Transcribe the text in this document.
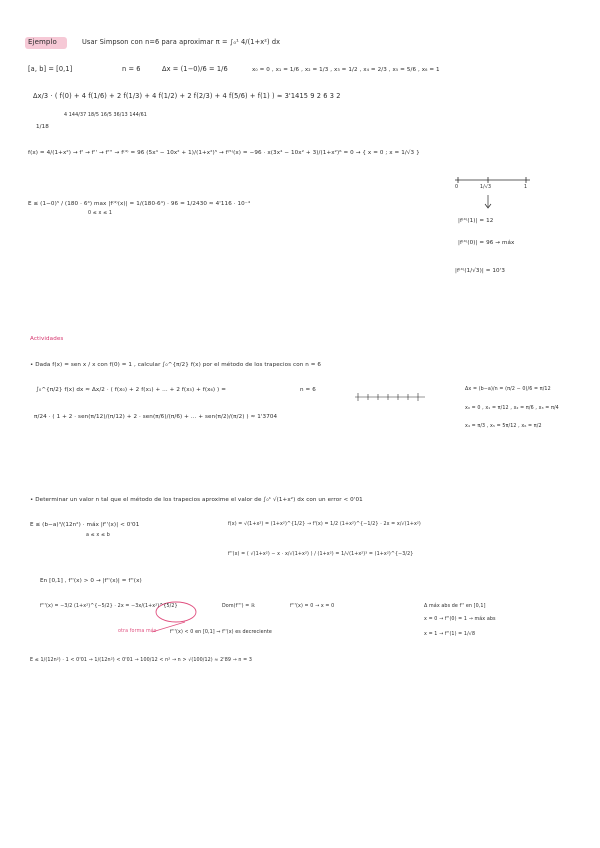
Ejemplo	Usar Simpson con n=6 para aproximar π = ∫₀¹ 4/(1+x²) dx
[a, b] = [0,1]	n = 6	Δx = (1−0)/6 = 1/6	x₀ = 0 , x₁ = 1/6 , x₂ = 1/3 , x₃ = 1/2 , x₄ = 2/3 , x₅ = 5/6 , x₆ = 1
Δx/3 · ( f(0) + 4 f(1/6) + 2 f(1/3) + 4 f(1/2) + 2 f(2/3) + 4 f(5/6) + f(1) ) ≈ 3'1415 9 2 6 3 2
4 144/37 18/5 16/5 36/13 144/61
1/18
f(x) = 4/(1+x²) → f' → f'' → f''' → f⁽⁴⁾ = 96 (5x⁴ − 10x² + 1)/(1+x²)⁵ → f⁽⁵⁾(x) = −96 · x(3x⁴ − 10x² + 3)/(1+x²)⁶ = 0 → { x = 0 ; x = 1/√3 }
0	1/√3	1
E ≤ (1−0)⁵ / (180 · 6⁴) max |f⁽⁴⁾(x)| = 1/(180·6⁴) · 96 = 1/2430 ≈ 4'116 · 10⁻⁴
0 ≤ x ≤ 1
|f⁽⁴⁾(1)| = 12
|f⁽⁴⁾(0)| = 96 → máx
|f⁽⁴⁾(1/√3)| = 10'3
Actividades
• Dada f(x) = sen x / x con f(0) = 1 , calcular ∫₀^{π/2} f(x) por el método de los trapecios con n = 6
∫₀^{π/2} f(x) dx ≈ Δx/2 · ( f(x₀) + 2 f(x₁) + ... + 2 f(x₅) + f(x₆) ) =	n = 6	Δx = (b−a)/n = (π/2 − 0)/6 = π/12
π/24 · ( 1 + 2 · sen(π/12)/(π/12) + 2 · sen(π/6)/(π/6) + ... + sen(π/2)/(π/2) ) ≈ 1'3704
x₀ = 0 , x₁ = π/12 , x₂ = π/6 , x₃ = π/4
x₄ = π/3 , x₅ = 5π/12 , x₆ = π/2
• Determinar un valor n tal que el método de los trapecios aproxime el valor de ∫₀¹ √(1+x²) dx con un error < 0'01
E ≤ (b−a)³/(12n²) · máx |f''(x)| < 0'01
a ≤ x ≤ b
f(x) = √(1+x²) = (1+x²)^{1/2} → f'(x) = 1/2 (1+x²)^{−1/2} · 2x = x/√(1+x²)
f''(x) = ( √(1+x²) − x · x/√(1+x²) ) / (1+x²) = 1/√(1+x²)³ = (1+x²)^{−3/2}
En [0,1] , f''(x) > 0 → |f''(x)| = f''(x)
f'''(x) = −3/2 (1+x²)^{−5/2} · 2x = −3x/(1+x²)^{5/2}	Dom(f''') = ℝ	f'''(x) = 0 → x = 0	Δ máx abs de f'' en [0,1]
x = 0 → f''(0) = 1 → máx abs
x = 1 → f''(1) = 1/√8
otra forma más	f'''(x) < 0 en [0,1] ⇒ f''(x) es decreciente
E ≤ 1/(12n²) · 1 < 0'01 → 1/(12n²) < 0'01 → 100/12 < n² → n > √(100/12) ≈ 2'89 → n = 3
